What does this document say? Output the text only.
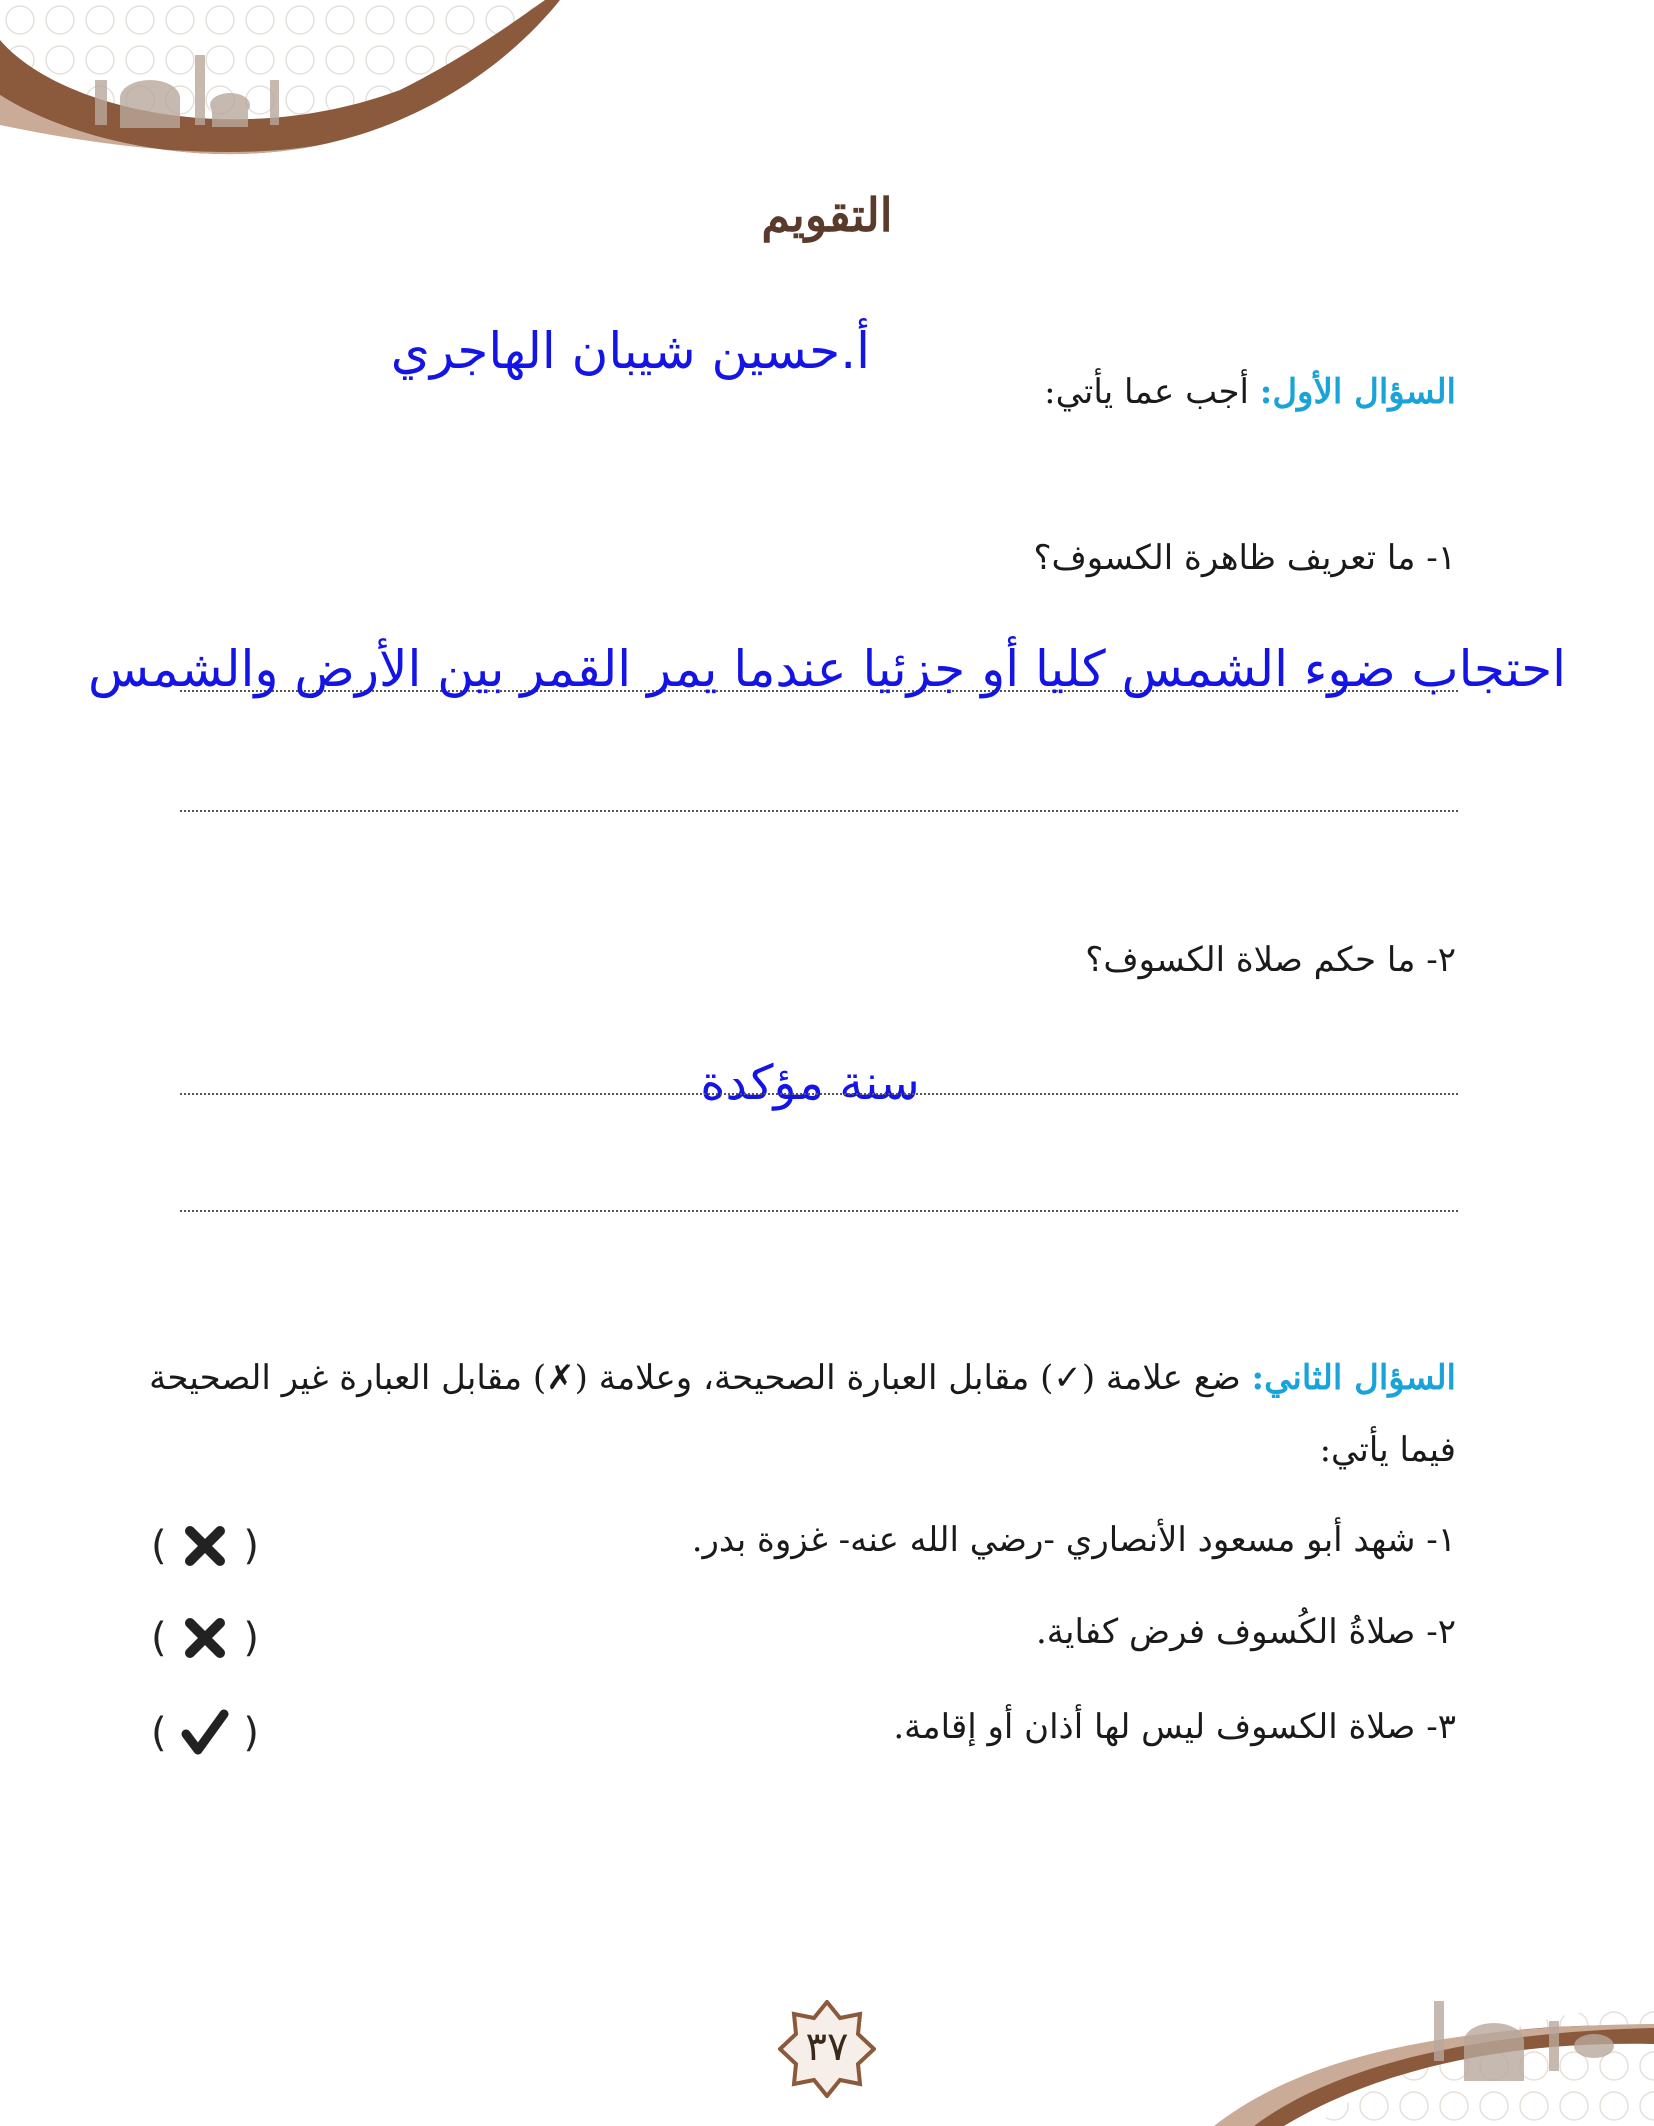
التقويم
أ.حسين شيبان الهاجري
السؤال الأول: أجب عما يأتي:
١- ما تعريف ظاهرة الكسوف؟
احتجاب ضوء الشمس كليا أو جزئيا عندما يمر القمر بين الأرض والشمس
٢- ما حكم صلاة الكسوف؟
سنة مؤكدة
السؤال الثاني: ضع علامة (✓) مقابل العبارة الصحيحة، وعلامة (✗) مقابل العبارة غير الصحيحة فيما يأتي:
١- شهد أبو مسعود الأنصاري -رضي الله عنه- غزوة بدر.
( )
٢- صلاةُ الكُسوف فرض كفاية.
( )
٣- صلاة الكسوف ليس لها أذان أو إقامة.
( )
٣٧
